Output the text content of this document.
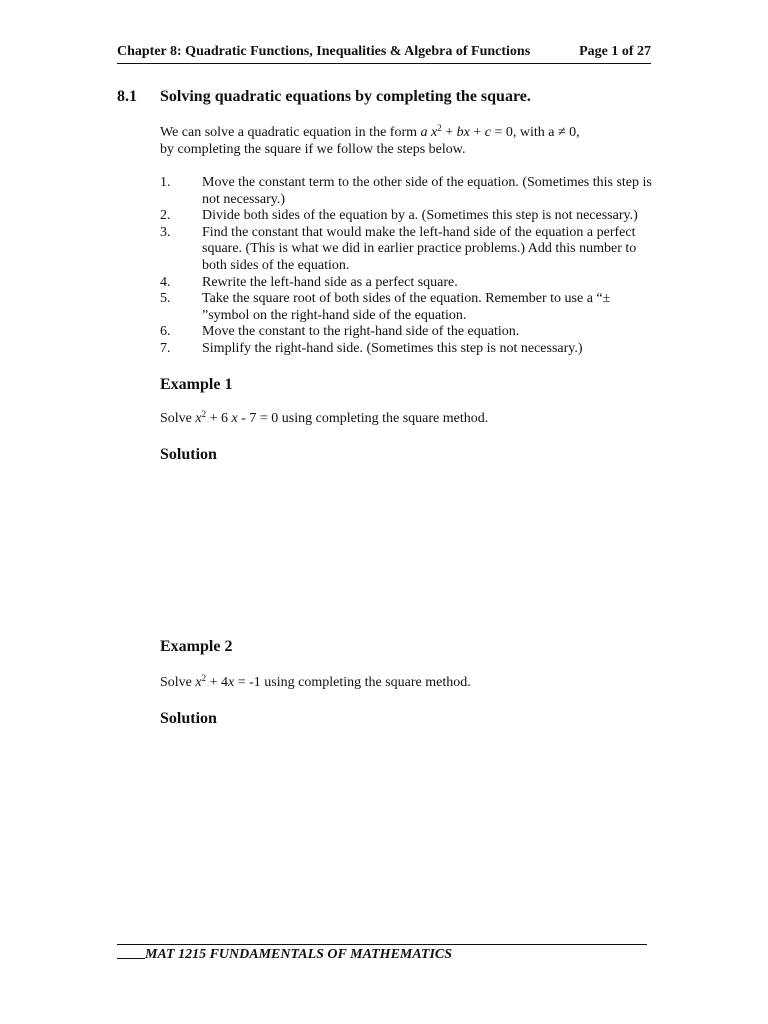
Chapter 8: Quadratic Functions, Inequalities & Algebra of Functions	Page 1 of 27
8.1 Solving quadratic equations by completing the square.
We can solve a quadratic equation in the form a $x^2$ + bx + c = 0, with a ≠ 0,
by completing the square if we follow the steps below.
1. Move the constant term to the other side of the equation. (Sometimes this step is not necessary.)
2. Divide both sides of the equation by a. (Sometimes this step is not necessary.)
3. Find the constant that would make the left-hand side of the equation a perfect square. (This is what we did in earlier practice problems.) Add this number to both sides of the equation.
4. Rewrite the left-hand side as a perfect square.
5. Take the square root of both sides of the equation. Remember to use a “± ”symbol on the right-hand side of the equation.
6. Move the constant to the right-hand side of the equation.
7. Simplify the right-hand side. (Sometimes this step is not necessary.)
Example 1
Solve $x^2 + 6$ x - 7 = 0 using completing the square method.
Solution
Example 2
Solve $x^2 + 4x = -1$ using completing the square method.
Solution
MAT 1215 FUNDAMENTALS OF MATHEMATICS
